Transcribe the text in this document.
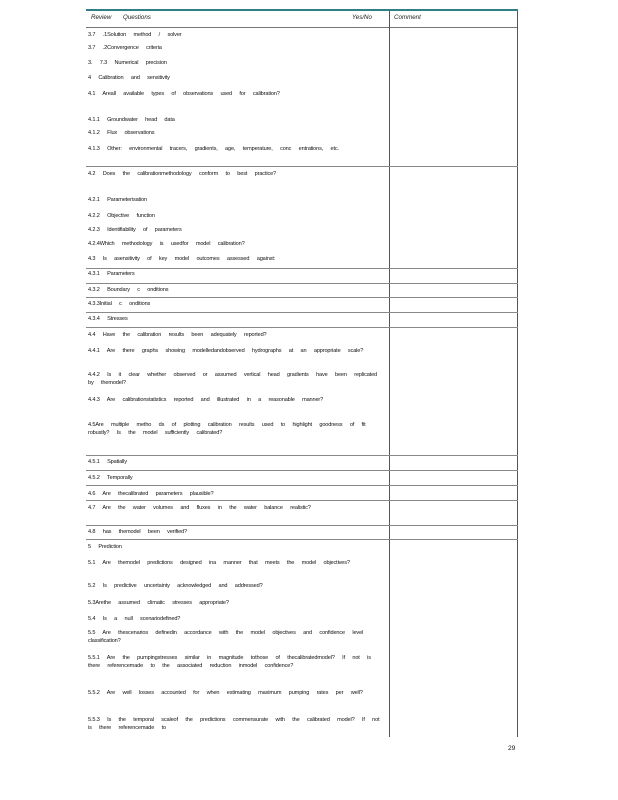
Review Questions	Yes/No	Comment
3.7 .1Solution method / solver
3.7 .2Convergence criteria
3. 7.3 Numerical precision
4 Calibration and sensitivity
4.1 Areall available types of observations used for calibration?
4.1.1 Groundwater head data
4.1.2 Flux observations
4.1.3 Other: environmental tracers, gradients, age, temperature, conc entrations, etc.
4.2 Does the calibrationmethodology conform to best practice?
4.2.1 Parameterisation
4.2.2 Objective function
4.2.3 Identifiability of parameters
4.2.4Which methodology is usedfor model calibration?
4.3 Is asensitivity of key model outcomes assessed against:
4.3.1 Parameters
4.3.2 Boundary c onditions
4.3.3Initial c onditions
4.3.4 Stresses
4.4 Have the calibration results been adequately reported?
4.4.1 Are there graphs showing modelledandobserved hydrographs at an appropriate scale?
4.4.2 Is it clear whether observed or assumed vertical head gradients have been replicated by themodel?
4.4.3 Are calibrationstatistics reported and illustrated in a reasonable manner?
4.5Are multiple metho ds of plotting calibration results used to highlight goodness of fit robustly? Is the model sufficiently calibrated?
4.5.1 Spatially
4.5.2 Temporally
4.6 Are thecalibrated parameters plausible?
4.7 Are the water volumes and fluxes in the water balance realistic?
4.8 has themodel been verified?
5 Prediction
5.1 Are themodel predictions designed ina manner that meets the model objectives?
5.2 Is predictive uncertainty acknowledged and addressed?
5.3Arethe assumed climatic stresses appropriate?
5.4 Is a null scenariodefined?
5.5 Are thescenarios definedin accordance with the model objectives and confidence level classification?
5.5.1 Are the pumpingstresses similar in magnitude tothose of thecalibratedmodel? If not is there referencemade to the associated reduction inmodel confidence?
5.5.2 Are well losses accounted for when estimating maximum pumping rates per well?
5.5.3 Is the temporal scaleof the predictions commensurate with the calibrated model? If not is there referencemade to
29
